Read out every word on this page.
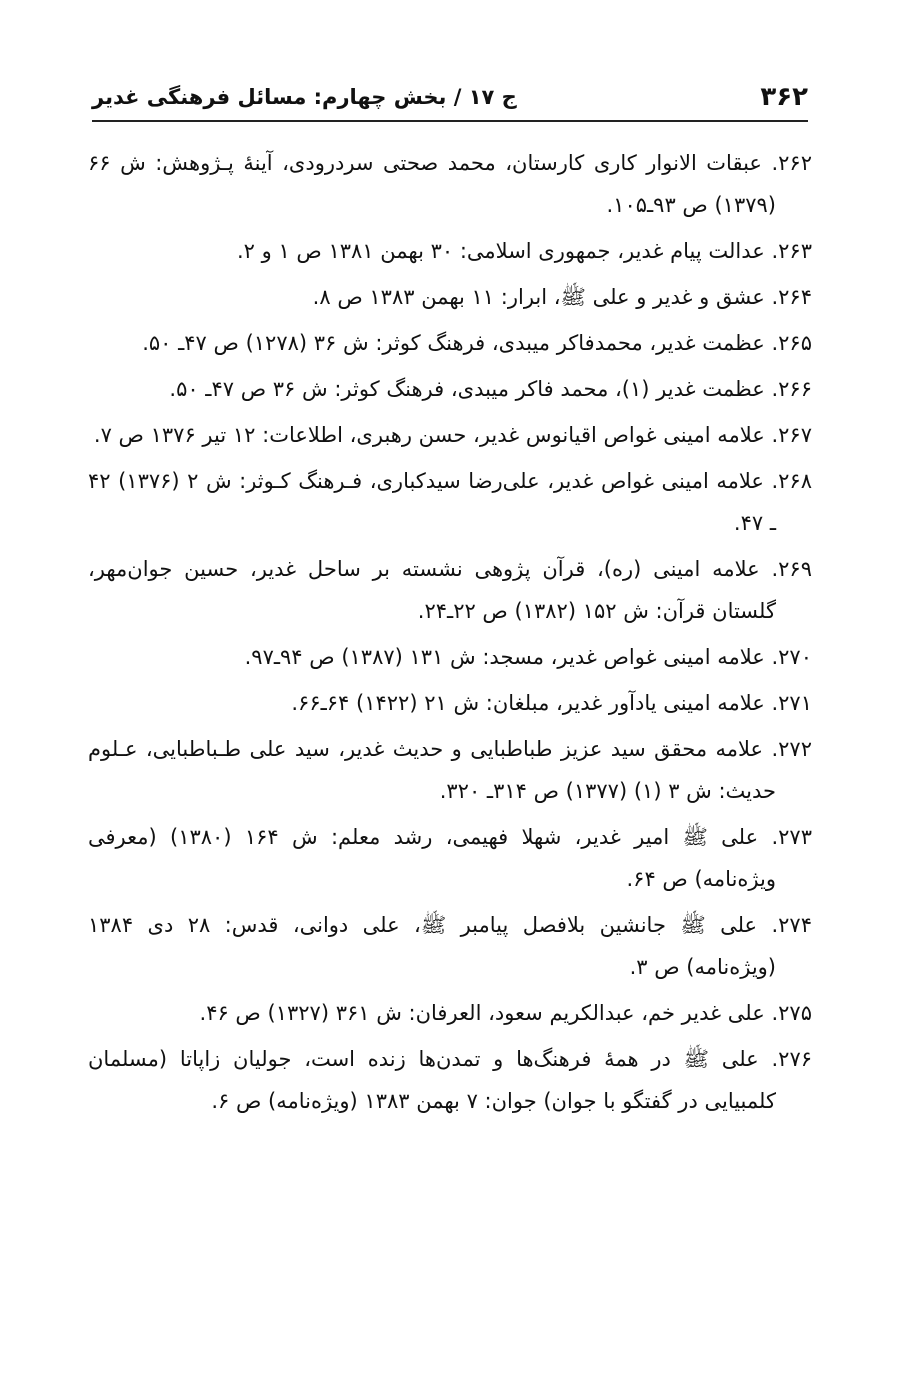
۳۶۲
ج ۱۷ / بخش چهارم: مسائل فرهنگی غدیر
۲۶۲. عبقات الانوار کاری کارستان، محمد صحتی سردرودی، آینهٔ پـژوهش: ش ۶۶ (۱۳۷۹) ص ۹۳ـ۱۰۵.
۲۶۳. عدالت پیام غدیر، جمهوری اسلامی: ۳۰ بهمن ۱۳۸۱ ص ۱ و ۲.
۲۶۴. عشق و غدیر و علی ﷺ، ابرار: ۱۱ بهمن ۱۳۸۳ ص ۸.
۲۶۵. عظمت غدیر، محمدفاکر میبدی، فرهنگ کوثر: ش ۳۶ (۱۲۷۸) ص ۴۷ـ ۵۰.
۲۶۶. عظمت غدیر (۱)، محمد فاکر میبدی، فرهنگ کوثر: ش ۳۶ ص ۴۷ـ ۵۰.
۲۶۷. علامه امینی غواص اقیانوس غدیر، حسن رهبری، اطلاعات: ۱۲ تیر ۱۳۷۶ ص ۷.
۲۶۸. علامه امینی غواص غدیر، علی‌رضا سیدکباری، فـرهنگ کـوثر: ش ۲ (۱۳۷۶) ۴۲ ـ ۴۷.
۲۶۹. علامه امینی (ره)، قرآن پژوهی نشسته بر ساحل غدیر، حسین جوان‌مهر، گلستان قرآن: ش ۱۵۲ (۱۳۸۲) ص ۲۲ـ۲۴.
۲۷۰. علامه امینی غواص غدیر، مسجد: ش ۱۳۱ (۱۳۸۷) ص ۹۴ـ۹۷.
۲۷۱. علامه امینی یادآور غدیر، مبلغان: ش ۲۱ (۱۴۲۲) ۶۴ـ۶۶.
۲۷۲. علامه محقق سید عزیز طباطبایی و حدیث غدیر، سید علی طـباطبایی، عـلوم حدیث: ش ۳ (۱) (۱۳۷۷) ص ۳۱۴ـ ۳۲۰.
۲۷۳. علی ﷺ امیر غدیر، شهلا فهیمی، رشد معلم: ش ۱۶۴ (۱۳۸۰) (معرفی ویژه‌نامه) ص ۶۴.
۲۷۴. علی ﷺ جانشین بلافصل پیامبر ﷺ، علی دوانی، قدس: ۲۸ دی ۱۳۸۴ (ویژه‌نامه) ص ۳.
۲۷۵. علی غدیر خم، عبدالکریم سعود، العرفان: ش ۳۶۱ (۱۳۲۷) ص ۴۶.
۲۷۶. علی ﷺ در همهٔ فرهنگ‌ها و تمدن‌ها زنده است، جولیان زاپاتا (مسلمان کلمبیایی در گفتگو با جوان) جوان: ۷ بهمن ۱۳۸۳ (ویژه‌نامه) ص ۶.
